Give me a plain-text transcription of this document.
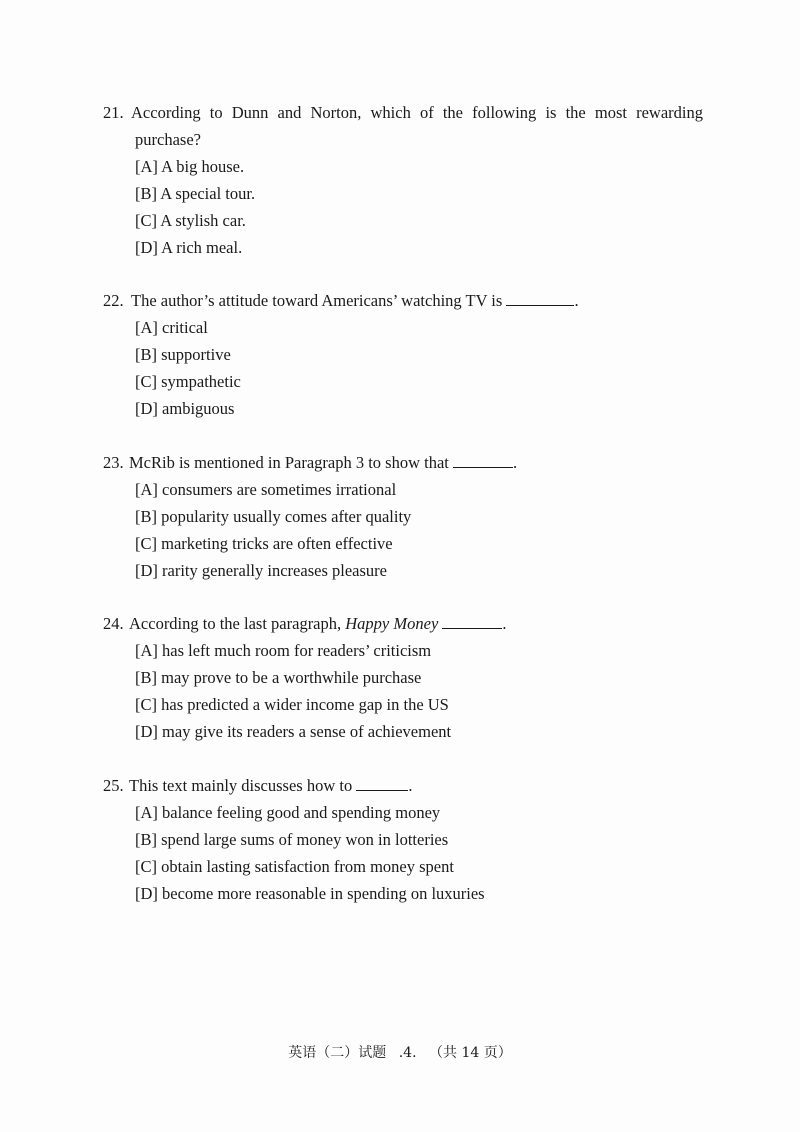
21. According to Dunn and Norton, which of the following is the most rewarding purchase?

[A] A big house.

[B] A special tour.

[C] A stylish car.

[D] A rich meal.

22. The author’s attitude toward Americans’ watching TV is	.

[A] critical

[B] supportive

[C] sympathetic

[D] ambiguous

23. McRib is mentioned in Paragraph 3 to show that	.

[A] consumers are sometimes irrational

[B] popularity usually comes after quality

[C] marketing tricks are often effective

[D] rarity generally increases pleasure

24. According to the last paragraph, Happy Money	.

[A] has left much room for readers’ criticism

[B] may prove to be a worthwhile purchase

[C] has predicted a wider income gap in the US

[D] may give its readers a sense of achievement

25. This text mainly discusses how to	.

[A] balance feeling good and spending money

[B] spend large sums of money won in lotteries

[C] obtain lasting satisfaction from money spent

[D] become more reasonable in spending on luxuries

英语（二）试题 .4. （共 14 页）
